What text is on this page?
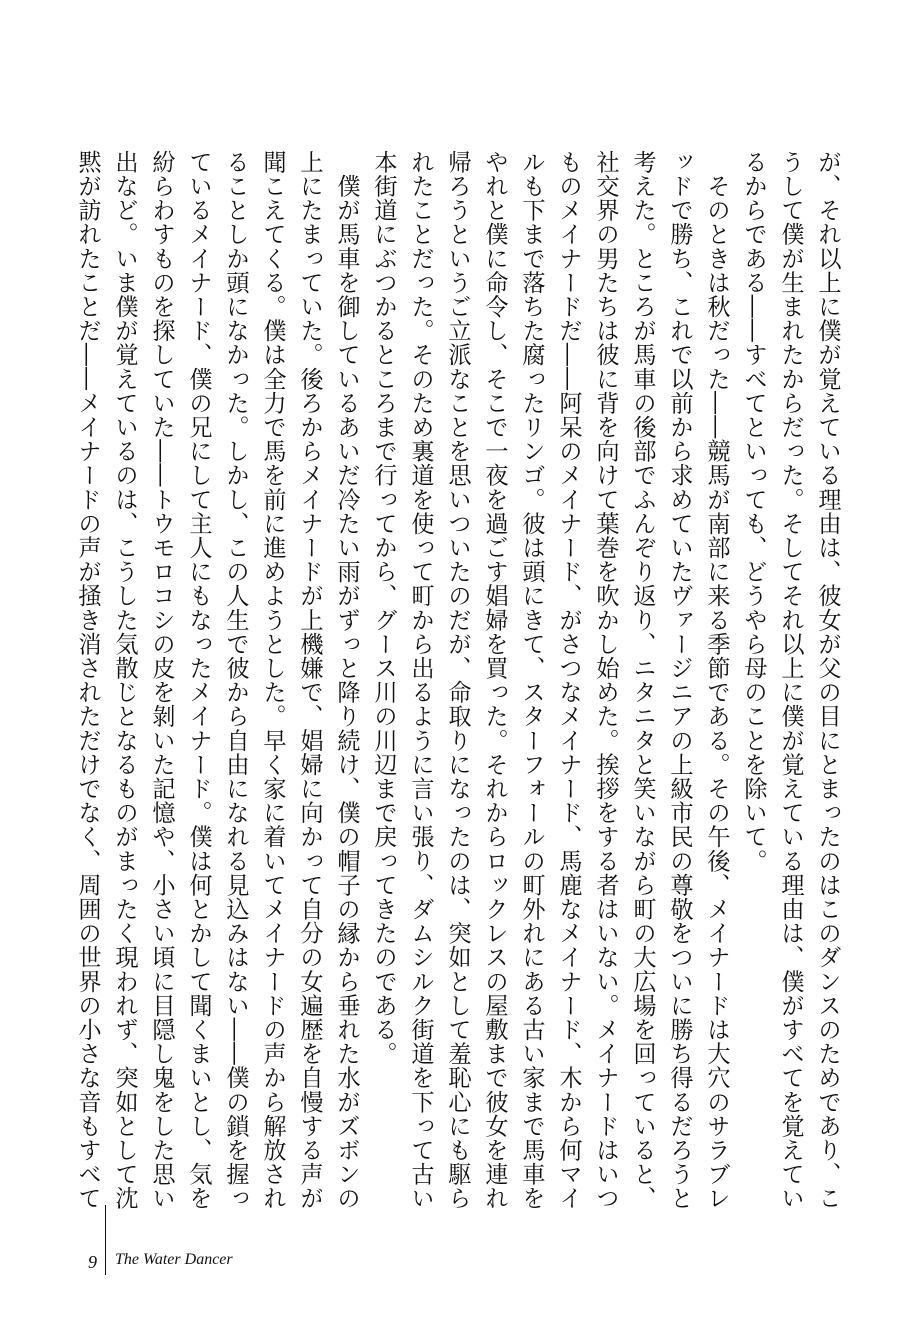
が、それ以上に僕が覚えている理由は、彼女が父の目にとまったのはこのダンスのためであり、こ
うして僕が生まれたからだった。そしてそれ以上に僕が覚えている理由は、僕がすべてを覚えてい
るからである――すべてといっても、どうやら母のことを除いて。
　そのときは秋だった――競馬が南部に来る季節である。その午後、メイナードは大穴のサラブレ
ッドで勝ち、これで以前から求めていたヴァージニアの上級市民の尊敬をついに勝ち得るだろうと
考えた。ところが馬車の後部でふんぞり返り、ニタニタと笑いながら町の大広場を回っていると、
社交界の男たちは彼に背を向けて葉巻を吹かし始めた。挨拶をする者はいない。メイナードはいつ
ものメイナードだ――阿呆のメイナード、がさつなメイナード、馬鹿なメイナード、木から何マイ
ルも下まで落ちた腐ったリンゴ。彼は頭にきて、スターフォールの町外れにある古い家まで馬車を
やれと僕に命令し、そこで一夜を過ごす娼婦を買った。それからロックレスの屋敷まで彼女を連れ
帰ろうというご立派なことを思いついたのだが、命取りになったのは、突如として羞恥心にも駆ら
れたことだった。そのため裏道を使って町から出るように言い張り、ダムシルク街道を下って古い
本街道にぶつかるところまで行ってから、グース川の川辺まで戻ってきたのである。
　僕が馬車を御しているあいだ冷たい雨がずっと降り続け、僕の帽子の縁から垂れた水がズボンの
上にたまっていた。後ろからメイナードが上機嫌で、娼婦に向かって自分の女遍歴を自慢する声が
聞こえてくる。僕は全力で馬を前に進めようとした。早く家に着いてメイナードの声から解放され
ることしか頭になかった。しかし、この人生で彼から自由になれる見込みはない――僕の鎖を握っ
ているメイナード、僕の兄にして主人にもなったメイナード。僕は何とかして聞くまいとし、気を
紛らわすものを探していた――トウモロコシの皮を剝いた記憶や、小さい頃に目隠し鬼をした思い
出など。いま僕が覚えているのは、こうした気散じとなるものがまったく現われず、突如として沈
黙が訪れたことだ――メイナードの声が掻き消されただけでなく、周囲の世界の小さな音もすべて
9 The Water Dancer
